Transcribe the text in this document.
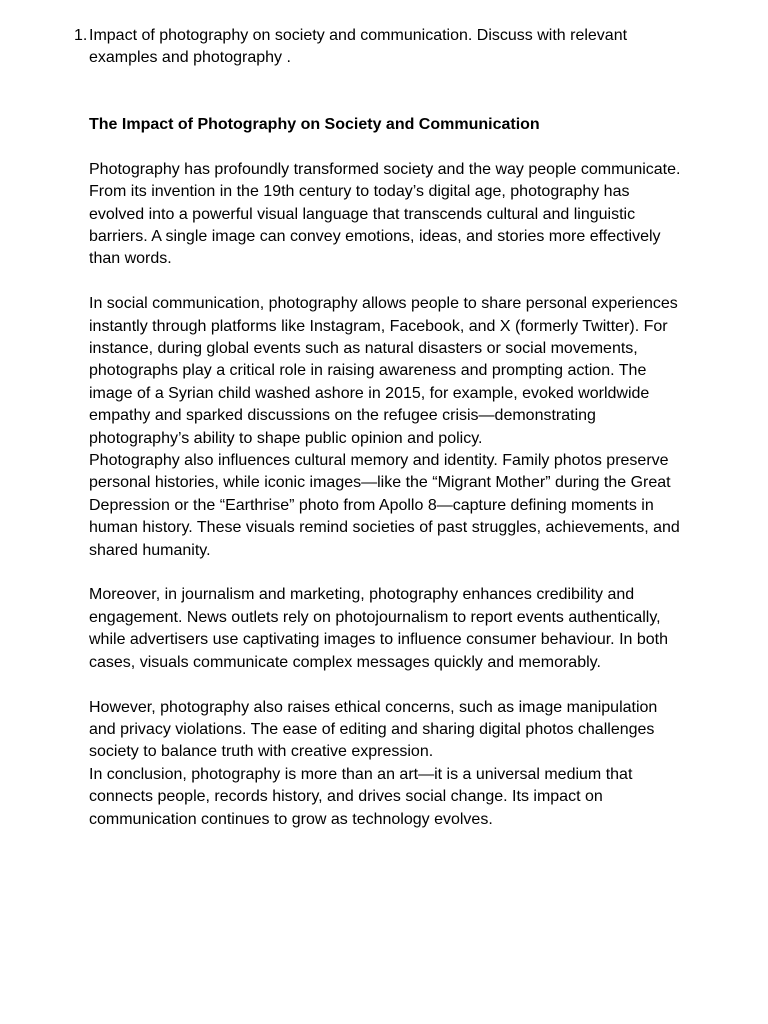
1. Impact of photography on society and communication. Discuss with relevant examples and photography .
The Impact of Photography on Society and Communication

Photography has profoundly transformed society and the way people communicate. From its invention in the 19th century to today’s digital age, photography has evolved into a powerful visual language that transcends cultural and linguistic barriers. A single image can convey emotions, ideas, and stories more effectively than words.

In social communication, photography allows people to share personal experiences instantly through platforms like Instagram, Facebook, and X (formerly Twitter). For instance, during global events such as natural disasters or social movements, photographs play a critical role in raising awareness and prompting action. The image of a Syrian child washed ashore in 2015, for example, evoked worldwide empathy and sparked discussions on the refugee crisis—demonstrating photography’s ability to shape public opinion and policy.

Photography also influences cultural memory and identity. Family photos preserve personal histories, while iconic images—like the “Migrant Mother” during the Great Depression or the “Earthrise” photo from Apollo 8—capture defining moments in human history. These visuals remind societies of past struggles, achievements, and shared humanity.

Moreover, in journalism and marketing, photography enhances credibility and engagement. News outlets rely on photojournalism to report events authentically, while advertisers use captivating images to influence consumer behaviour. In both cases, visuals communicate complex messages quickly and memorably.

However, photography also raises ethical concerns, such as image manipulation and privacy violations. The ease of editing and sharing digital photos challenges society to balance truth with creative expression.

In conclusion, photography is more than an art—it is a universal medium that connects people, records history, and drives social change. Its impact on communication continues to grow as technology evolves.
